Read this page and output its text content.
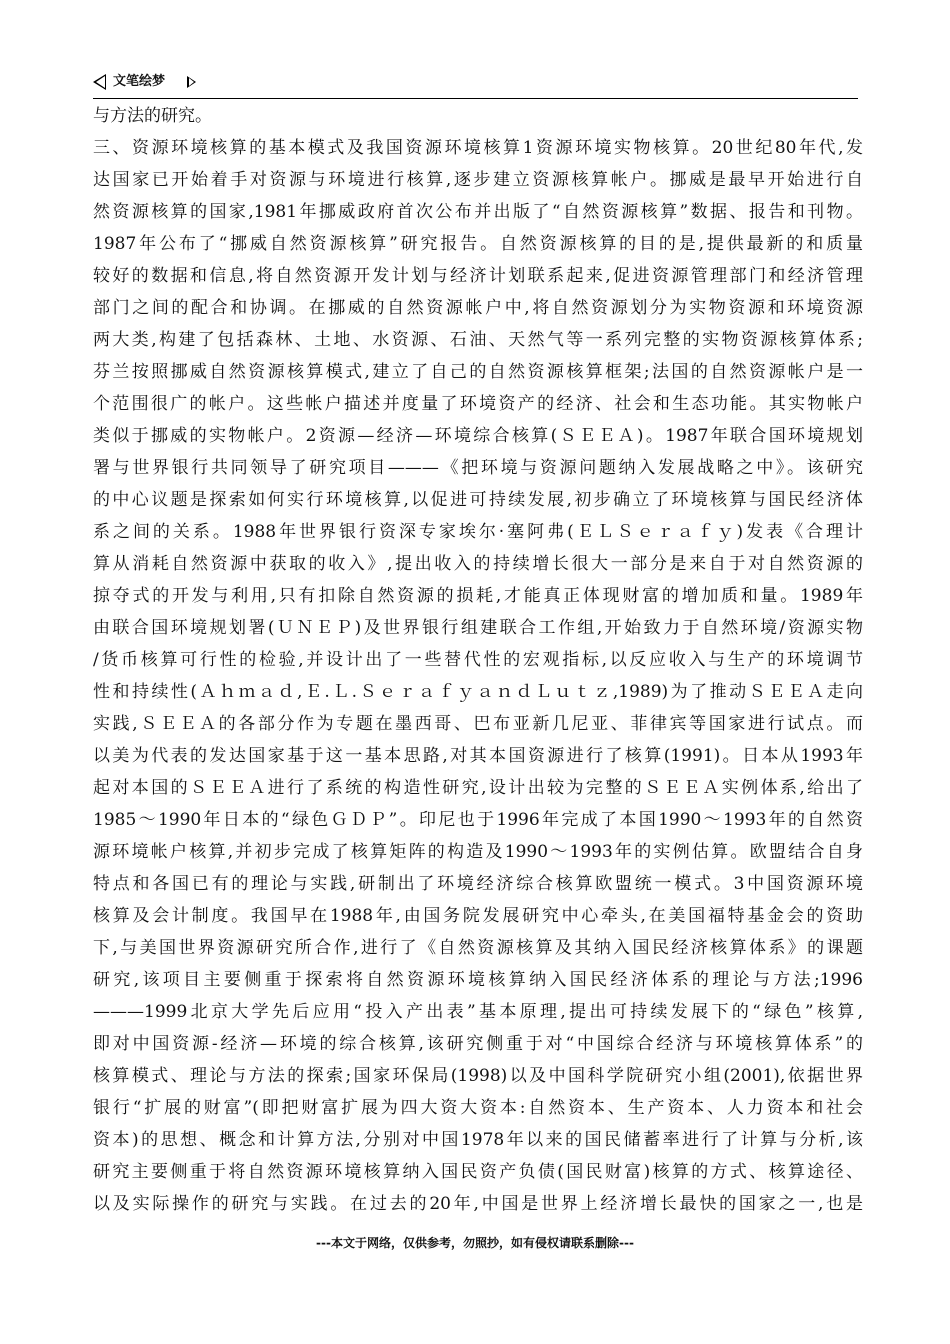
文笔绘梦
与方法的研究。
三、资源环境核算的基本模式及我国资源环境核算1资源环境实物核算。20世纪80年代,发
达国家已开始着手对资源与环境进行核算,逐步建立资源核算帐户。挪威是最早开始进行自
然资源核算的国家,1981年挪威政府首次公布并出版了“自然资源核算”数据、报告和刊物。
1987年公布了“挪威自然资源核算”研究报告。自然资源核算的目的是,提供最新的和质量
较好的数据和信息,将自然资源开发计划与经济计划联系起来,促进资源管理部门和经济管理
部门之间的配合和协调。在挪威的自然资源帐户中,将自然资源划分为实物资源和环境资源
两大类,构建了包括森林、土地、水资源、石油、天然气等一系列完整的实物资源核算体系;
芬兰按照挪威自然资源核算模式,建立了自己的自然资源核算框架;法国的自然资源帐户是一
个范围很广的帐户。这些帐户描述并度量了环境资产的经济、社会和生态功能。其实物帐户
类似于挪威的实物帐户。2资源—经济—环境综合核算(ＳＥＥＡ)。1987年联合国环境规划
署与世界银行共同领导了研究项目———《把环境与资源问题纳入发展战略之中》。该研究
的中心议题是探索如何实行环境核算,以促进可持续发展,初步确立了环境核算与国民经济体
系之间的关系。1988年世界银行资深专家埃尔·塞阿弗(ＥＬＳｅｒａｆｙ)发表《合理计
算从消耗自然资源中获取的收入》,提出收入的持续增长很大一部分是来自于对自然资源的
掠夺式的开发与利用,只有扣除自然资源的损耗,才能真正体现财富的增加质和量。1989年
由联合国环境规划署(ＵＮＥＰ)及世界银行组建联合工作组,开始致力于自然环境/资源实物
/货币核算可行性的检验,并设计出了一些替代性的宏观指标,以反应收入与生产的环境调节
性和持续性(Ａｈｍａｄ,Ｅ.Ｌ.ＳｅｒａｆｙａｎｄＬｕｔｚ,1989)为了推动ＳＥＥＡ走向
实践,ＳＥＥＡ的各部分作为专题在墨西哥、巴布亚新几尼亚、菲律宾等国家进行试点。而
以美为代表的发达国家基于这一基本思路,对其本国资源进行了核算(1991)。日本从1993年
起对本国的ＳＥＥＡ进行了系统的构造性研究,设计出较为完整的ＳＥＥＡ实例体系,给出了
1985～1990年日本的“绿色ＧＤＰ”。印尼也于1996年完成了本国1990～1993年的自然资
源环境帐户核算,并初步完成了核算矩阵的构造及1990～1993年的实例估算。欧盟结合自身
特点和各国已有的理论与实践,研制出了环境经济综合核算欧盟统一模式。3中国资源环境
核算及会计制度。我国早在1988年,由国务院发展研究中心牵头,在美国福特基金会的资助
下,与美国世界资源研究所合作,进行了《自然资源核算及其纳入国民经济核算体系》的课题
研究,该项目主要侧重于探索将自然资源环境核算纳入国民经济体系的理论与方法;1996
———1999北京大学先后应用“投入产出表”基本原理,提出可持续发展下的“绿色”核算,
即对中国资源-经济—环境的综合核算,该研究侧重于对“中国综合经济与环境核算体系”的
核算模式、理论与方法的探索;国家环保局(1998)以及中国科学院研究小组(2001),依据世界
银行“扩展的财富”(即把财富扩展为四大资大资本:自然资本、生产资本、人力资本和社会
资本)的思想、概念和计算方法,分别对中国1978年以来的国民储蓄率进行了计算与分析,该
研究主要侧重于将自然资源环境核算纳入国民资产负债(国民财富)核算的方式、核算途径、
以及实际操作的研究与实践。在过去的20年,中国是世界上经济增长最快的国家之一,也是
---本文于网络，仅供参考，勿照抄，如有侵权请联系删除---
